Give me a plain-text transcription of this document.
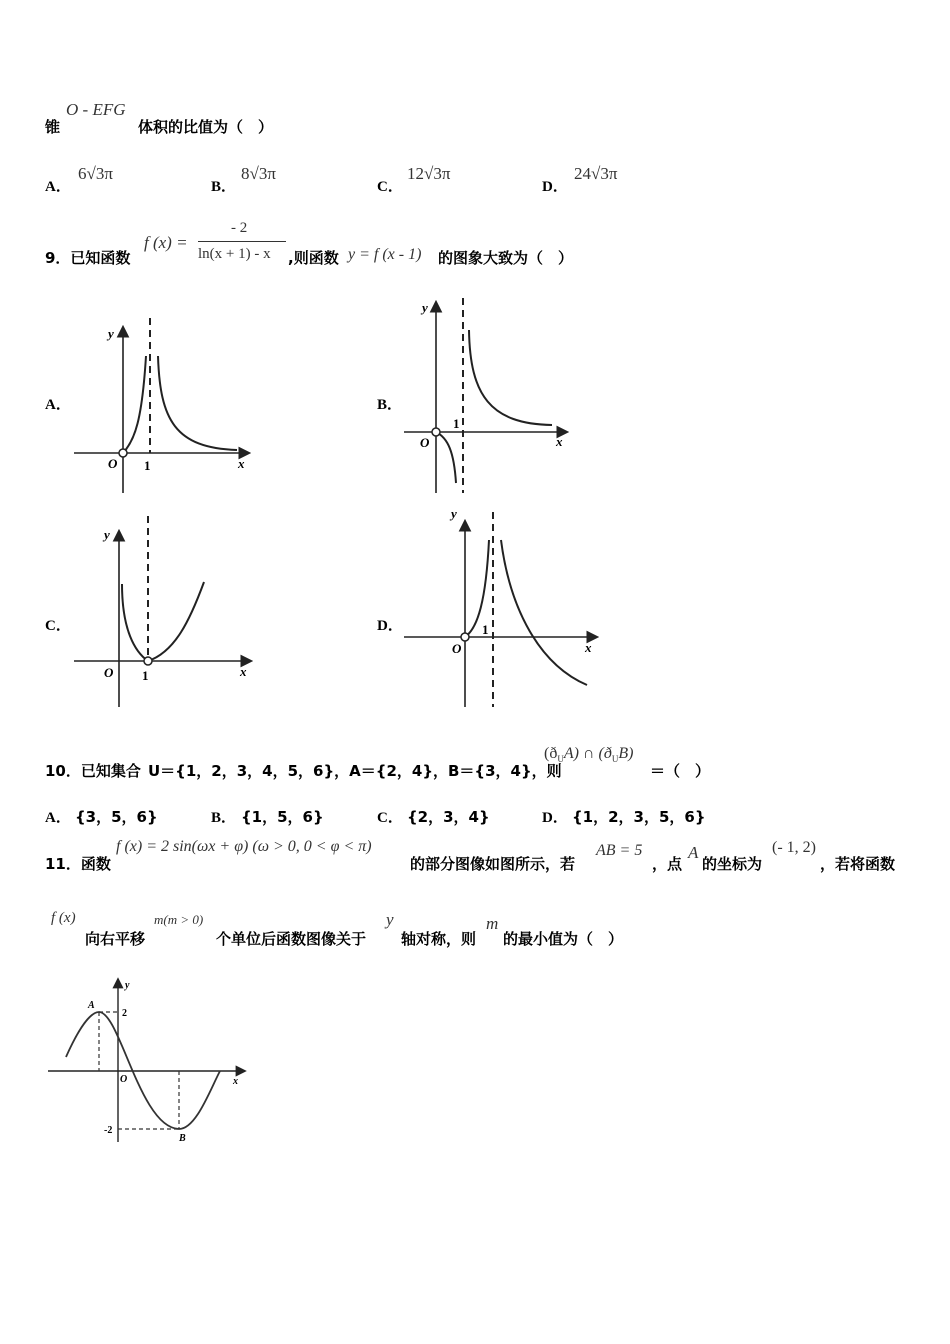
锥
O - EFG
体积的比值为（　）
A．
6√3π
B．
8√3π
C．
12√3π
D．
24√3π
9．已知函数
f (x) =
- 2
ln(x + 1) - x ,则函数 y = f (x - 1) 的图象大致为（　）
A．	B．
C．	D．
y
x
O 1
y
x
O
1
y
x
O 1
y
x
O
1
y
x
O
A
B
2
-2
10．已知集合 U＝{1，2，3，4，5，6}，A＝{2，4}，B＝{3，4}，则
$(ð_UA)$ ∩ $(ð_UB)$
＝（　）
A． {3，5，6}	B． {1，5，6}	C． {2，3，4}	D． {1，2，3，5，6}
11．函数
f (x) = 2 sin(ωx + φ) (ω > 0, 0 < φ < π)
的部分图像如图所示，若
AB = 5
，点
A
的坐标为
(- 1, 2)
，若将函数
f (x)
向右平移
m(m > 0)
个单位后函数图像关于
y
轴对称，则
m
的最小值为（　）
